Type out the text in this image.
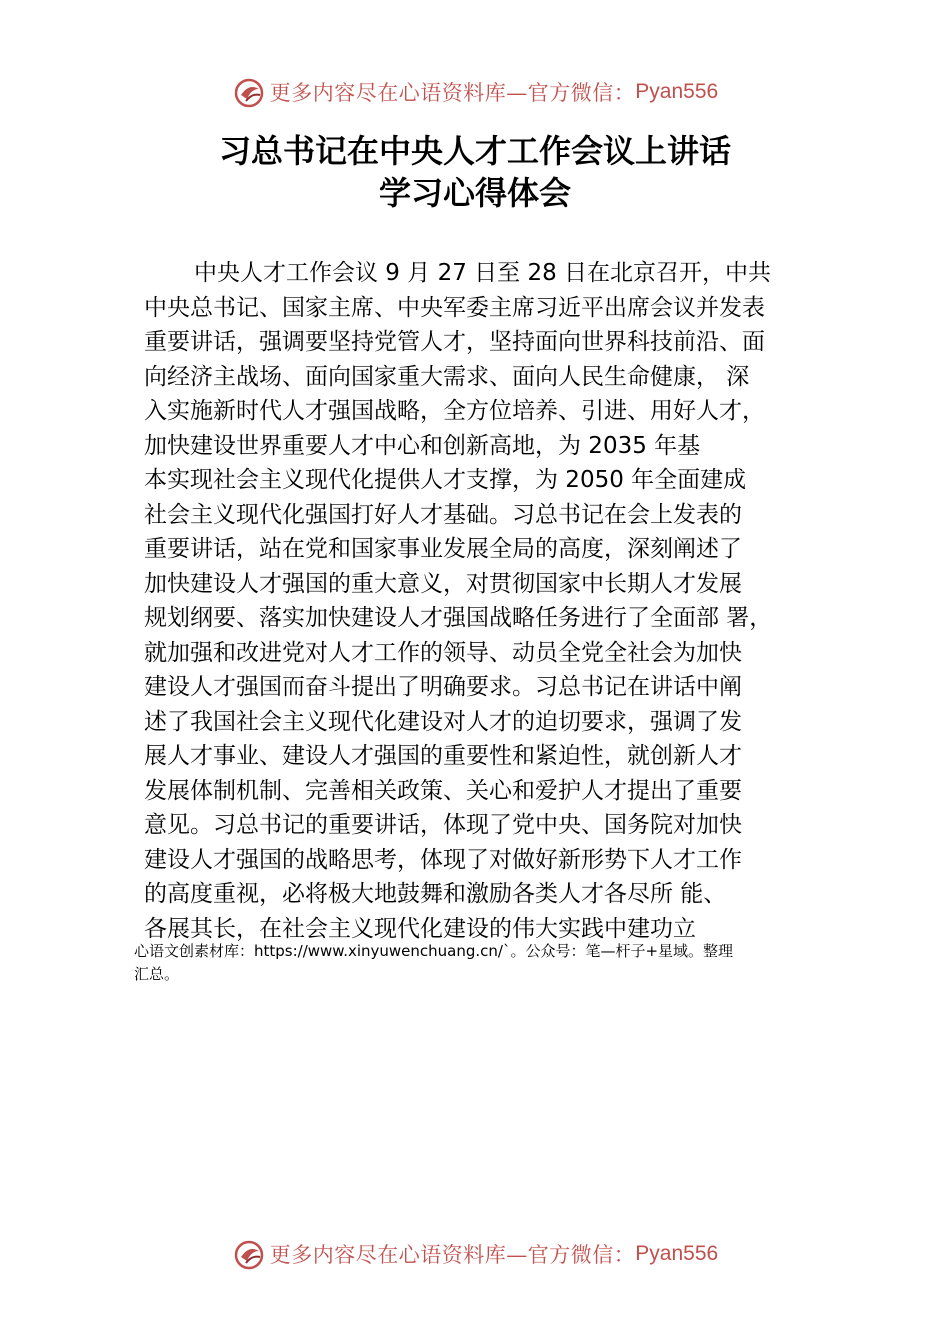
更多内容尽在心语资料库—官方微信： Pyan556
习总书记在中央人才工作会议上讲话
学习心得体会

中央人才工作会议 9 月 27 日至 28 日在北京召开，中共
中央总书记、国家主席、中央军委主席习近平出席会议并发表
重要讲话，强调要坚持党管人才，坚持面向世界科技前沿、面
向经济主战场、面向国家重大需求、面向人民生命健康， 深
入实施新时代人才强国战略，全方位培养、引进、用好人才，
加快建设世界重要人才中心和创新高地，为 2035 年基
本实现社会主义现代化提供人才支撑，为 2050 年全面建成
社会主义现代化强国打好人才基础。习总书记在会上发表的
重要讲话，站在党和国家事业发展全局的高度，深刻阐述了
加快建设人才强国的重大意义，对贯彻国家中长期人才发展
规划纲要、落实加快建设人才强国战略任务进行了全面部 署，
就加强和改进党对人才工作的领导、动员全党全社会为加快
建设人才强国而奋斗提出了明确要求。习总书记在讲话中阐
述了我国社会主义现代化建设对人才的迫切要求，强调了发
展人才事业、建设人才强国的重要性和紧迫性，就创新人才
发展体制机制、完善相关政策、关心和爱护人才提出了重要
意见。习总书记的重要讲话，体现了党中央、国务院对加快
建设人才强国的战略思考，体现了对做好新形势下人才工作
的高度重视，必将极大地鼓舞和激励各类人才各尽所 能、
各展其长，在社会主义现代化建设的伟大实践中建功立

心语文创素材库：https://www.xinyuwenchuang.cn/`。公众号：笔—杆子+星域。整理
汇总。
更多内容尽在心语资料库—官方微信： Pyan556
